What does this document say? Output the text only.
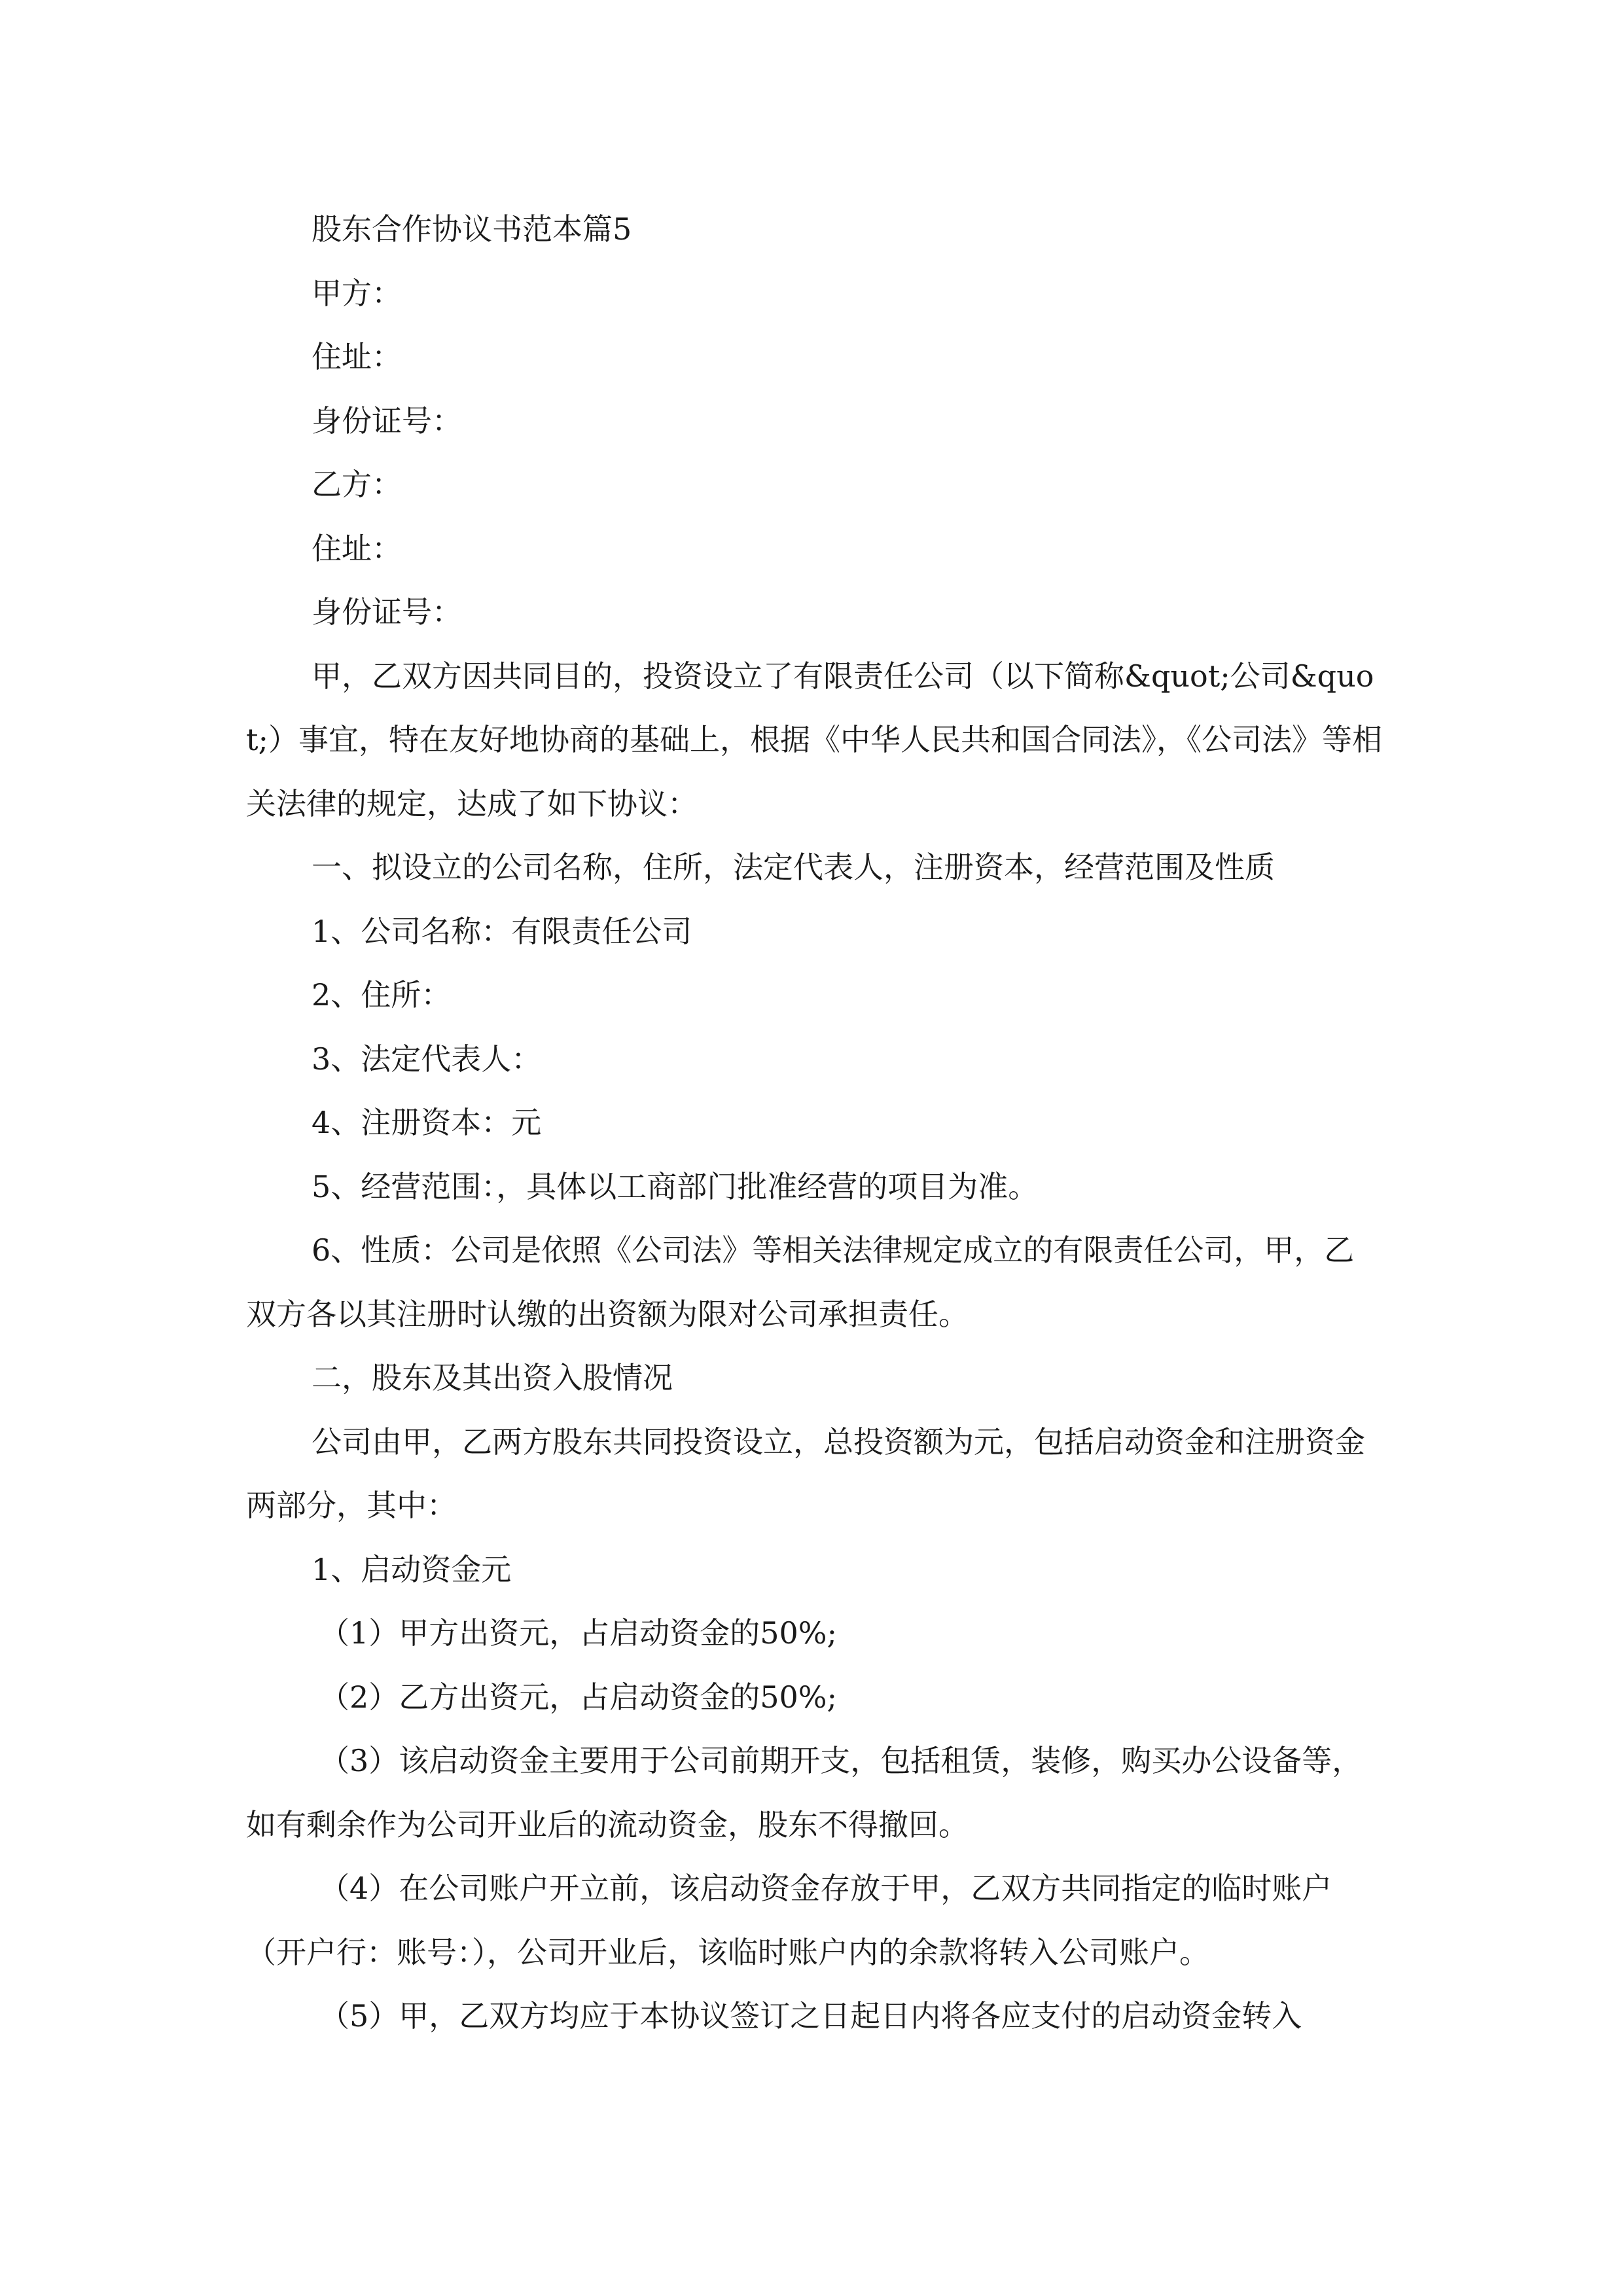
股东合作协议书范本篇5

甲方：

住址：

身份证号：

乙方：

住址：

身份证号：

甲，乙双方因共同目的，投资设立了有限责任公司（以下简称&quot;公司&quot;）事宜，特在友好地协商的基础上，根据《中华人民共和国合同法》，《公司法》等相关法律的规定，达成了如下协议：

一、拟设立的公司名称，住所，法定代表人，注册资本，经营范围及性质

1、公司名称：有限责任公司

2、住所：

3、法定代表人：

4、注册资本：元

5、经营范围：，具体以工商部门批准经营的项目为准。

6、性质：公司是依照《公司法》等相关法律规定成立的有限责任公司，甲，乙双方各以其注册时认缴的出资额为限对公司承担责任。

二，股东及其出资入股情况

公司由甲，乙两方股东共同投资设立，总投资额为元，包括启动资金和注册资金两部分，其中：

1、启动资金元

（1）甲方出资元，占启动资金的50%;

（2）乙方出资元，占启动资金的50%;

（3）该启动资金主要用于公司前期开支，包括租赁，装修，购买办公设备等，如有剩余作为公司开业后的流动资金，股东不得撤回。

（4）在公司账户开立前，该启动资金存放于甲，乙双方共同指定的临时账户（开户行：账号：），公司开业后，该临时账户内的余款将转入公司账户。

（5）甲，乙双方均应于本协议签订之日起日内将各应支付的启动资金转入
